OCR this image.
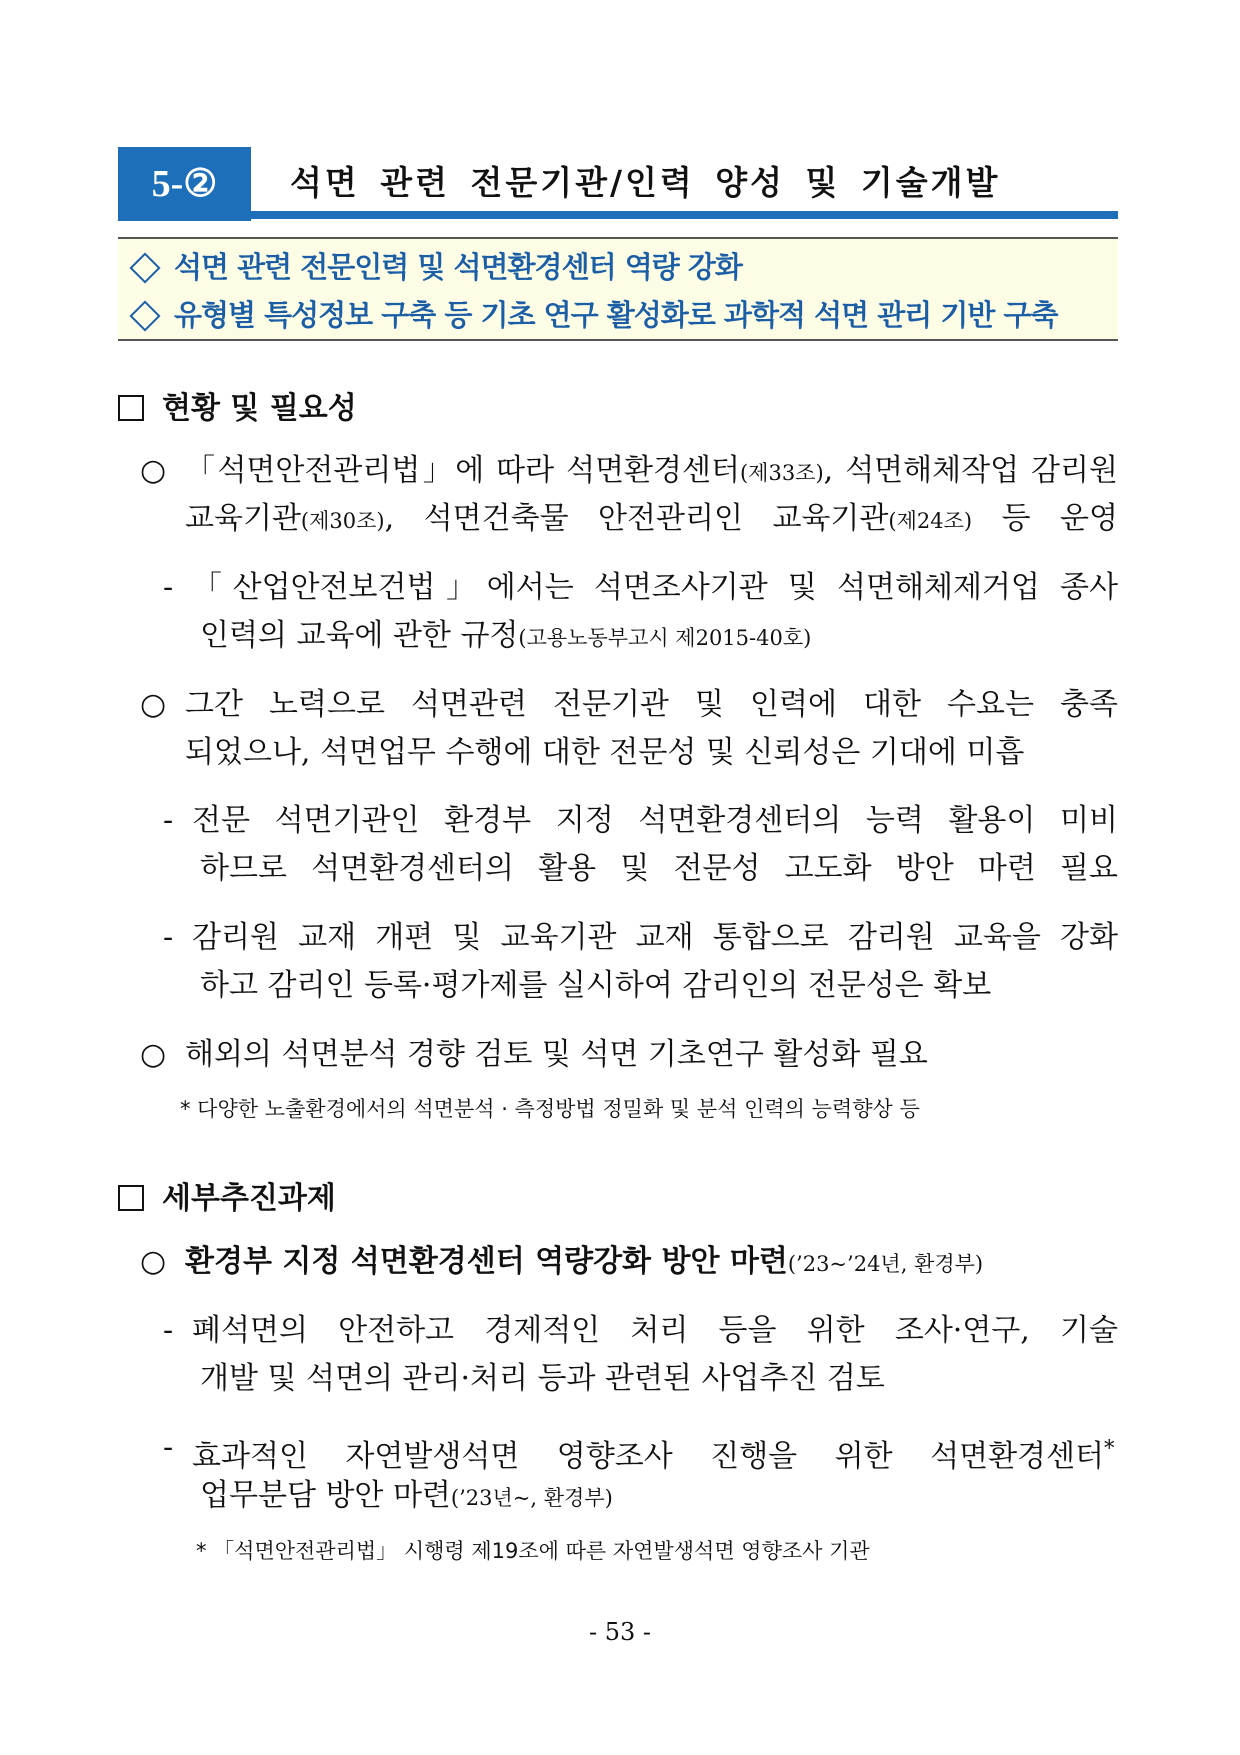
5-②	석면 관련 전문기관/인력 양성 및 기술개발
석면 관련 전문인력 및 석면환경센터 역량 강화
유형별 특성정보 구축 등 기초 연구 활성화로 과학적 석면 관리 기반 구축
현황 및 필요성
○ 「석면안전관리법」에 따라 석면환경센터(제33조), 석면해체작업 감리원
교육기관(제30조), 석면건축물 안전관리인 교육기관(제24조) 등 운영
- 「산업안전보건법」에서는 석면조사기관 및 석면해체제거업 종사
인력의 교육에 관한 규정(고용노동부고시 제2015-40호)
○ 그간 노력으로 석면관련 전문기관 및 인력에 대한 수요는 충족
되었으나, 석면업무 수행에 대한 전문성 및 신뢰성은 기대에 미흡
- 전문 석면기관인 환경부 지정 석면환경센터의 능력 활용이 미비
하므로 석면환경센터의 활용 및 전문성 고도화 방안 마련 필요
- 감리원 교재 개편 및 교육기관 교재 통합으로 감리원 교육을 강화
하고 감리인 등록·평가제를 실시하여 감리인의 전문성은 확보
○ 해외의 석면분석 경향 검토 및 석면 기초연구 활성화 필요
* 다양한 노출환경에서의 석면분석 · 측정방법 정밀화 및 분석 인력의 능력향상 등
세부추진과제
○ 환경부 지정 석면환경센터 역량강화 방안 마련(’23~’24년, 환경부)
- 폐석면의 안전하고 경제적인 처리 등을 위한 조사·연구, 기술
개발 및 석면의 관리·처리 등과 관련된 사업추진 검토
- 효과적인 자연발생석면 영향조사 진행을 위한 석면환경센터*
업무분담 방안 마련(’23년~, 환경부)
* 「석면안전관리법」 시행령 제19조에 따른 자연발생석면 영향조사 기관
- 53 -
